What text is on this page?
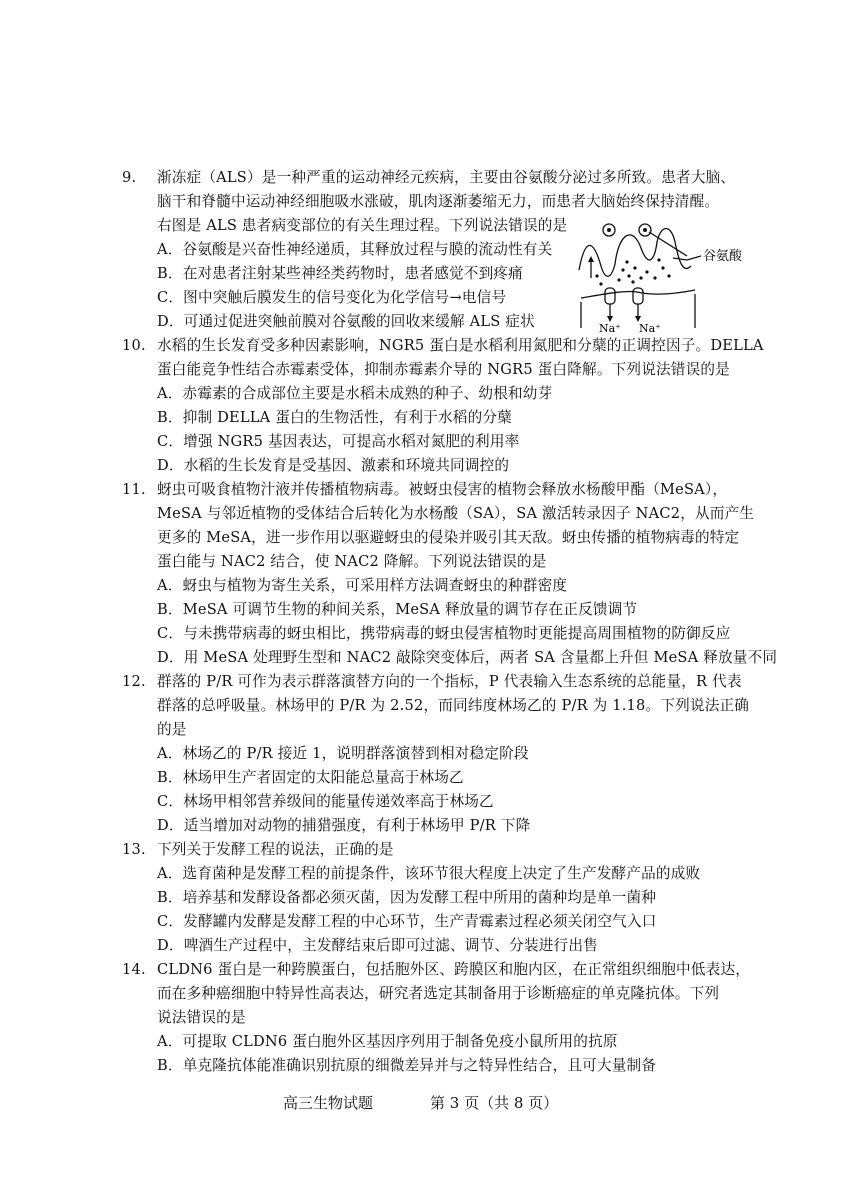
9. 渐冻症（ALS）是一种严重的运动神经元疾病，主要由谷氨酸分泌过多所致。患者大脑、
脑干和脊髓中运动神经细胞吸水涨破，肌肉逐渐萎缩无力，而患者大脑始终保持清醒。
右图是 ALS 患者病变部位的有关生理过程。下列说法错误的是
A．谷氨酸是兴奋性神经递质，其释放过程与膜的流动性有关
B．在对患者注射某些神经类药物时，患者感觉不到疼痛
C．图中突触后膜发生的信号变化为化学信号→电信号
D．可通过促进突触前膜对谷氨酸的回收来缓解 ALS 症状
谷氨酸
Na⁺ Na⁺
10. 水稻的生长发育受多种因素影响，NGR5 蛋白是水稻利用氮肥和分蘖的正调控因子。DELLA
蛋白能竞争性结合赤霉素受体，抑制赤霉素介导的 NGR5 蛋白降解。下列说法错误的是
A．赤霉素的合成部位主要是水稻未成熟的种子、幼根和幼芽
B．抑制 DELLA 蛋白的生物活性，有利于水稻的分蘖
C．增强 NGR5 基因表达，可提高水稻对氮肥的利用率
D．水稻的生长发育是受基因、激素和环境共同调控的
11. 蚜虫可吸食植物汁液并传播植物病毒。被蚜虫侵害的植物会释放水杨酸甲酯（MeSA），
MeSA 与邻近植物的受体结合后转化为水杨酸（SA），SA 激活转录因子 NAC2，从而产生
更多的 MeSA，进一步作用以驱避蚜虫的侵染并吸引其天敌。蚜虫传播的植物病毒的特定
蛋白能与 NAC2 结合，使 NAC2 降解。下列说法错误的是
A．蚜虫与植物为寄生关系，可采用样方法调查蚜虫的种群密度
B．MeSA 可调节生物的种间关系，MeSA 释放量的调节存在正反馈调节
C．与未携带病毒的蚜虫相比，携带病毒的蚜虫侵害植物时更能提高周围植物的防御反应
D．用 MeSA 处理野生型和 NAC2 敲除突变体后，两者 SA 含量都上升但 MeSA 释放量不同
12. 群落的 P/R 可作为表示群落演替方向的一个指标，P 代表输入生态系统的总能量，R 代表
群落的总呼吸量。林场甲的 P/R 为 2.52，而同纬度林场乙的 P/R 为 1.18。下列说法正确
的是
A．林场乙的 P/R 接近 1，说明群落演替到相对稳定阶段
B．林场甲生产者固定的太阳能总量高于林场乙
C．林场甲相邻营养级间的能量传递效率高于林场乙
D．适当增加对动物的捕猎强度，有利于林场甲 P/R 下降
13. 下列关于发酵工程的说法，正确的是
A．选育菌种是发酵工程的前提条件，该环节很大程度上决定了生产发酵产品的成败
B．培养基和发酵设备都必须灭菌，因为发酵工程中所用的菌种均是单一菌种
C．发酵罐内发酵是发酵工程的中心环节，生产青霉素过程必须关闭空气入口
D．啤酒生产过程中，主发酵结束后即可过滤、调节、分装进行出售
14. CLDN6 蛋白是一种跨膜蛋白，包括胞外区、跨膜区和胞内区，在正常组织细胞中低表达，
而在多种癌细胞中特异性高表达，研究者选定其制备用于诊断癌症的单克隆抗体。下列
说法错误的是
A．可提取 CLDN6 蛋白胞外区基因序列用于制备免疫小鼠所用的抗原
B．单克隆抗体能准确识别抗原的细微差异并与之特异性结合，且可大量制备
高三生物试题	第 3 页（共 8 页）
